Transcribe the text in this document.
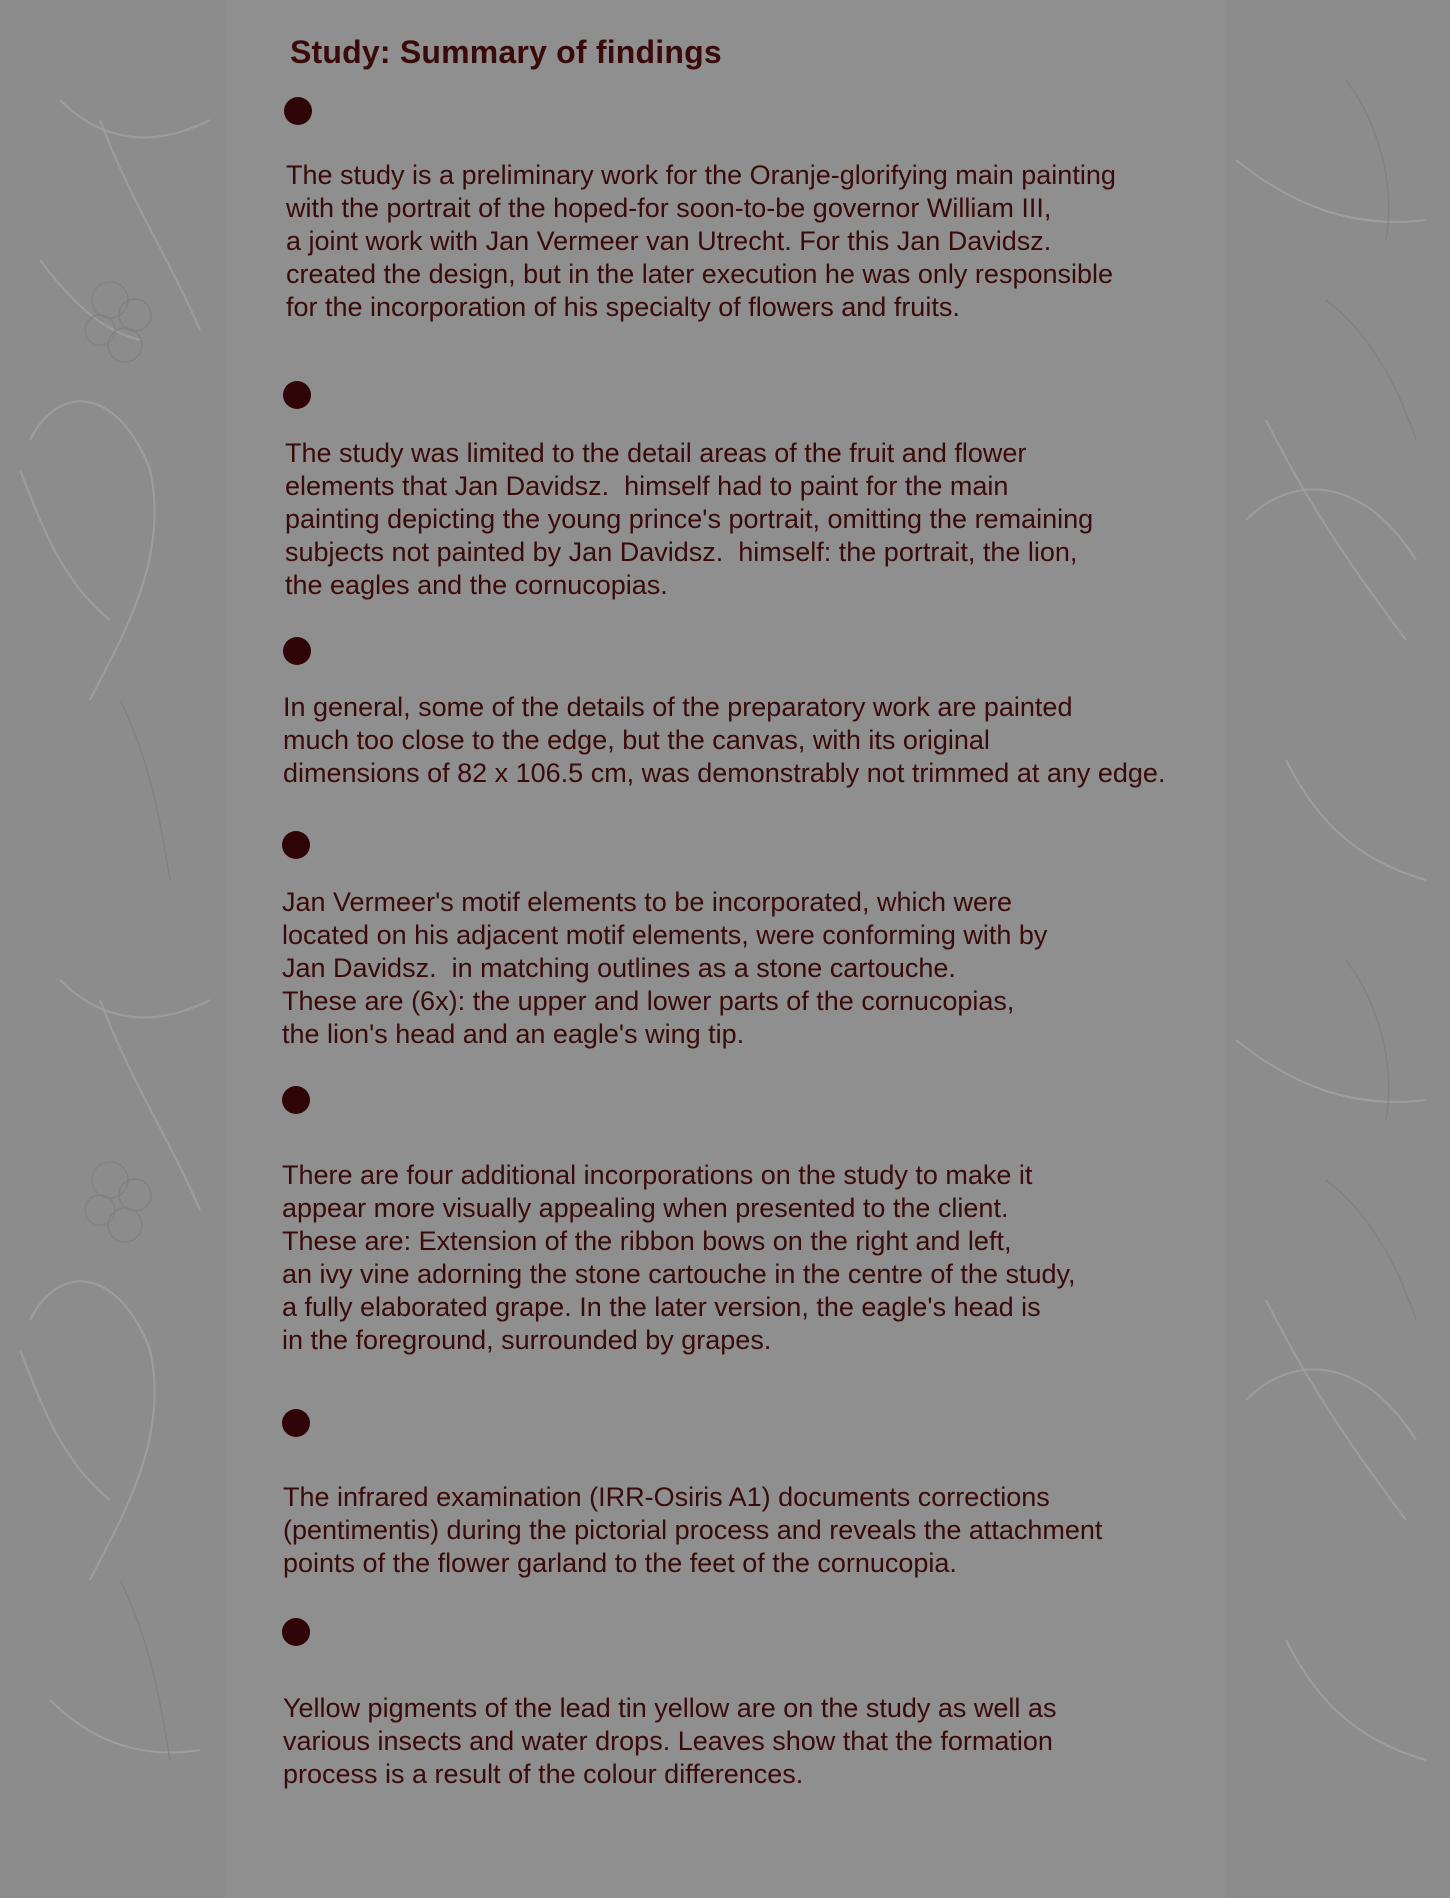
Study: Summary of findings

The study is a preliminary work for the Oranje-glorifying main painting
with the portrait of the hoped-for soon-to-be governor William III,
a joint work with Jan Vermeer van Utrecht. For this Jan Davidsz.
created the design, but in the later execution he was only responsible
for the incorporation of his specialty of flowers and fruits.

The study was limited to the detail areas of the fruit and flower
elements that Jan Davidsz.  himself had to paint for the main
painting depicting the young prince's portrait, omitting the remaining
subjects not painted by Jan Davidsz.  himself: the portrait, the lion,
the eagles and the cornucopias.

In general, some of the details of the preparatory work are painted
much too close to the edge, but the canvas, with its original
dimensions of 82 x 106.5 cm, was demonstrably not trimmed at any edge.

Jan Vermeer's motif elements to be incorporated, which were
located on his adjacent motif elements, were conforming with by
Jan Davidsz.  in matching outlines as a stone cartouche.
These are (6x): the upper and lower parts of the cornucopias,
the lion's head and an eagle's wing tip.

There are four additional incorporations on the study to make it
appear more visually appealing when presented to the client.
These are: Extension of the ribbon bows on the right and left,
an ivy vine adorning the stone cartouche in the centre of the study,
a fully elaborated grape. In the later version, the eagle's head is
in the foreground, surrounded by grapes.

The infrared examination (IRR-Osiris A1) documents corrections
(pentimentis) during the pictorial process and reveals the attachment
points of the flower garland to the feet of the cornucopia.

Yellow pigments of the lead tin yellow are on the study as well as
various insects and water drops. Leaves show that the formation
process is a result of the colour differences.
